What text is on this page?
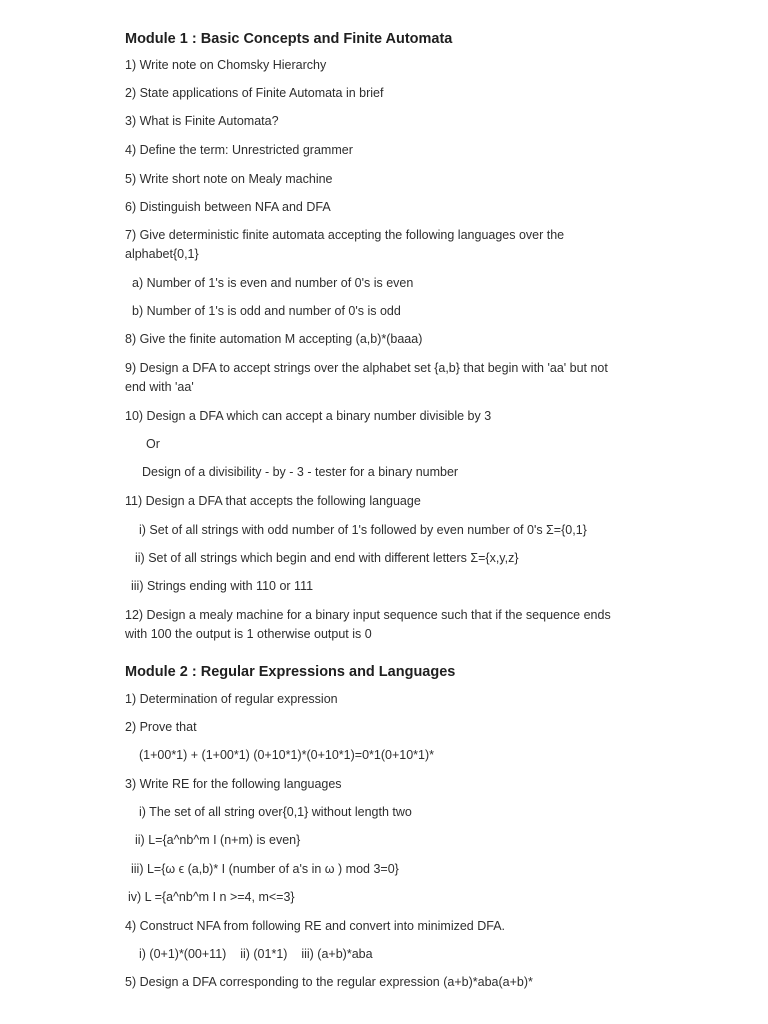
Module 1 : Basic Concepts and Finite Automata
1) Write note on Chomsky Hierarchy
2) State applications of Finite Automata in brief
3) What is Finite Automata?
4) Define the term: Unrestricted grammer
5) Write short note on Mealy machine
6) Distinguish between NFA and DFA
7) Give deterministic finite automata accepting the following languages over the alphabet{0,1}
a) Number of 1's is even and number of 0's is even
b) Number of 1's is odd and number of 0's is odd
8) Give the finite automation M accepting (a,b)*(baaa)
9) Design a DFA to accept strings over the alphabet set {a,b} that begin with 'aa' but not end with 'aa'
10) Design a DFA which can accept a binary number divisible by 3
Or
Design of a divisibility - by - 3 - tester for a binary number
11) Design a DFA that accepts the following language
i) Set of all strings with odd number of 1's followed by even number of 0's Σ={0,1}
ii) Set of all strings which begin and end with different letters Σ={x,y,z}
iii) Strings ending with 110 or 111
12) Design a mealy machine for a binary input sequence such that if the sequence ends with 100 the output is 1 otherwise output is 0
Module 2 : Regular Expressions and Languages
1) Determination of regular expression
2) Prove that
(1+00*1) + (1+00*1) (0+10*1)*(0+10*1)=0*1(0+10*1)*
3) Write RE for the following languages
i) The set of all string over{0,1} without length two
ii) L={a^nb^m I (n+m) is even}
iii) L={ω ϵ (a,b)* I (number of a's in ω ) mod 3=0}
iv) L ={a^nb^m I n >=4, m<=3}
4) Construct NFA from following RE and convert into minimized DFA.
i) (0+1)*(00+11)    ii) (01*1)    iii) (a+b)*aba
5) Design a DFA corresponding to the regular expression (a+b)*aba(a+b)*
